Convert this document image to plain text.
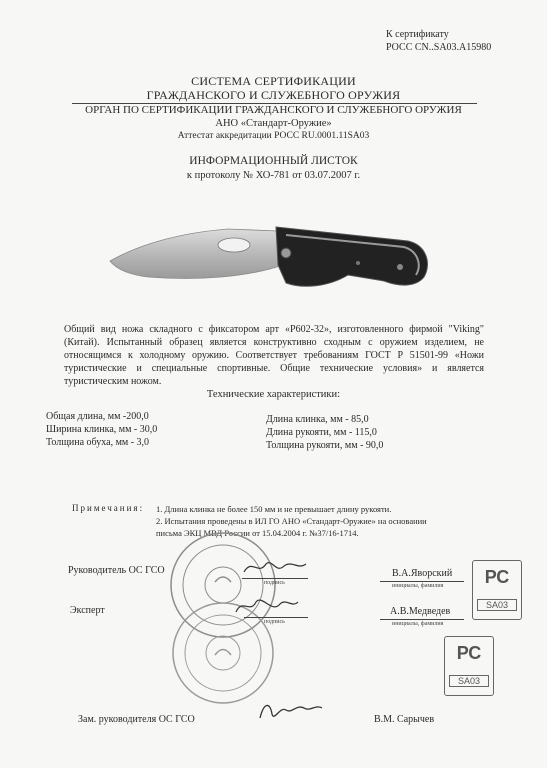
К сертификату
РОСС CN..SA03.A15980
СИСТЕМА СЕРТИФИКАЦИИ
ГРАЖДАНСКОГО И СЛУЖЕБНОГО ОРУЖИЯ
ОРГАН ПО СЕРТИФИКАЦИИ ГРАЖДАНСКОГО И СЛУЖЕБНОГО ОРУЖИЯ
АНО «Стандарт-Оружие»
Аттестат аккредитации РОСС RU.0001.11SA03
ИНФОРМАЦИОННЫЙ ЛИСТОК
к протоколу № ХО-781 от 03.07.2007 г.
Общий вид ножа складного с фиксатором арт «P602-32», изготовленного фирмой "Viking" (Китай). Испытанный образец является конструктивно сходным с оружием изделием, не относящимся к холодному оружию. Соответствует требованиям ГОСТ Р 51501-99 «Ножи туристические и специальные спортивные. Общие технические условия» и является туристическим ножом.
Технические характеристики:
Общая длина, мм -200,0
Ширина клинка, мм - 30,0
Толщина обуха, мм - 3,0
Длина клинка, мм - 85,0
Длина рукояти, мм - 115,0
Толщина рукояти, мм - 90,0
Примечания: 1. Длина клинка не более 150 мм и не превышает длину рукояти.
2. Испытания проведены в ИЛ ГО АНО «Стандарт-Оружие» на основании
письма ЭКЦ МВД России от 15.04.2004 г. №37/16-1714.
Руководитель ОС ГСО
подпись
В.А.Яворский
инициалы, фамилия
Эксперт
подпись
А.В.Медведев
инициалы, фамилия
Зам. руководителя ОС ГСО	В.М. Сарычев
РС
SA03
РС
SA03
